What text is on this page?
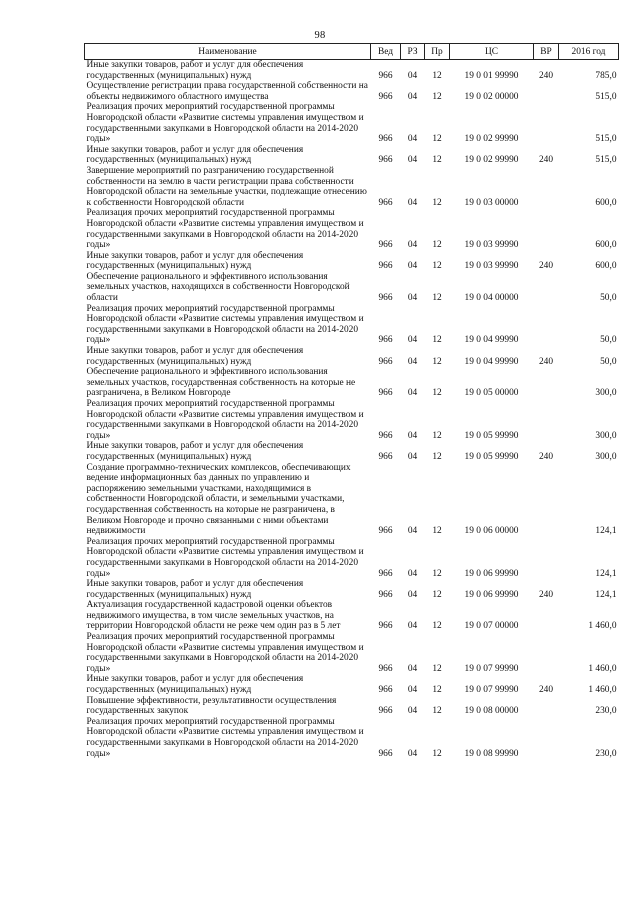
98
Наименование	Вед	РЗ	Пр	ЦС	ВР	2016 год
Иные закупки товаров, работ и услуг для обеспечения государственных (муниципальных) нужд	966	04	12	19 0 01 99990	240	785,0
Осуществление регистрации права государственной собственности на объекты недвижимого областного имущества	966	04	12	19 0 02 00000		515,0
Реализация прочих мероприятий государственной программы Новгородской области «Развитие системы управления имуществом и государственными закупками в Новгородской области на 2014-2020 годы»	966	04	12	19 0 02 99990		515,0
Иные закупки товаров, работ и услуг для обеспечения государственных (муниципальных) нужд	966	04	12	19 0 02 99990	240	515,0
Завершение мероприятий по разграничению государственной собственности на землю в части регистрации права собственности Новгородской области на земельные участки, подлежащие отнесению к собственности Новгородской области	966	04	12	19 0 03 00000		600,0
Реализация прочих мероприятий государственной программы Новгородской области «Развитие системы управления имуществом и государственными закупками в Новгородской области на 2014-2020 годы»	966	04	12	19 0 03 99990		600,0
Иные закупки товаров, работ и услуг для обеспечения государственных (муниципальных) нужд	966	04	12	19 0 03 99990	240	600,0
Обеспечение рационального и эффективного использования земельных участков, находящихся в собственности Новгородской области	966	04	12	19 0 04 00000		50,0
Реализация прочих мероприятий государственной программы Новгородской области «Развитие системы управления имуществом и государственными закупками в Новгородской области на 2014-2020 годы»	966	04	12	19 0 04 99990		50,0
Иные закупки товаров, работ и услуг для обеспечения государственных (муниципальных) нужд	966	04	12	19 0 04 99990	240	50,0
Обеспечение рационального и эффективного использования земельных участков, государственная собственность на которые не разграничена, в Великом Новгороде	966	04	12	19 0 05 00000		300,0
Реализация прочих мероприятий государственной программы Новгородской области «Развитие системы управления имуществом и государственными закупками в Новгородской области на 2014-2020 годы»	966	04	12	19 0 05 99990		300,0
Иные закупки товаров, работ и услуг для обеспечения государственных (муниципальных) нужд	966	04	12	19 0 05 99990	240	300,0
Создание программно-технических комплексов, обеспечивающих ведение информационных баз данных по управлению и распоряжению земельными участками, находящимися в собственности Новгородской области, и земельными участками, государственная собственность на которые не разграничена, в Великом Новгороде и прочно связанными с ними объектами недвижимости	966	04	12	19 0 06 00000		124,1
Реализация прочих мероприятий государственной программы Новгородской области «Развитие системы управления имуществом и государственными закупками в Новгородской области на 2014-2020 годы»	966	04	12	19 0 06 99990		124,1
Иные закупки товаров, работ и услуг для обеспечения государственных (муниципальных) нужд	966	04	12	19 0 06 99990	240	124,1
Актуализация государственной кадастровой оценки объектов недвижимого имущества, в том числе земельных участков, на территории Новгородской области не реже чем один раз в 5 лет	966	04	12	19 0 07 00000		1 460,0
Реализация прочих мероприятий государственной программы Новгородской области «Развитие системы управления имуществом и государственными закупками в Новгородской области на 2014-2020 годы»	966	04	12	19 0 07 99990		1 460,0
Иные закупки товаров, работ и услуг для обеспечения государственных (муниципальных) нужд	966	04	12	19 0 07 99990	240	1 460,0
Повышение эффективности, результативности осуществления государственных закупок	966	04	12	19 0 08 00000		230,0
Реализация прочих мероприятий государственной программы Новгородской области «Развитие системы управления имуществом и государственными закупками в Новгородской области на 2014-2020 годы»	966	04	12	19 0 08 99990		230,0
